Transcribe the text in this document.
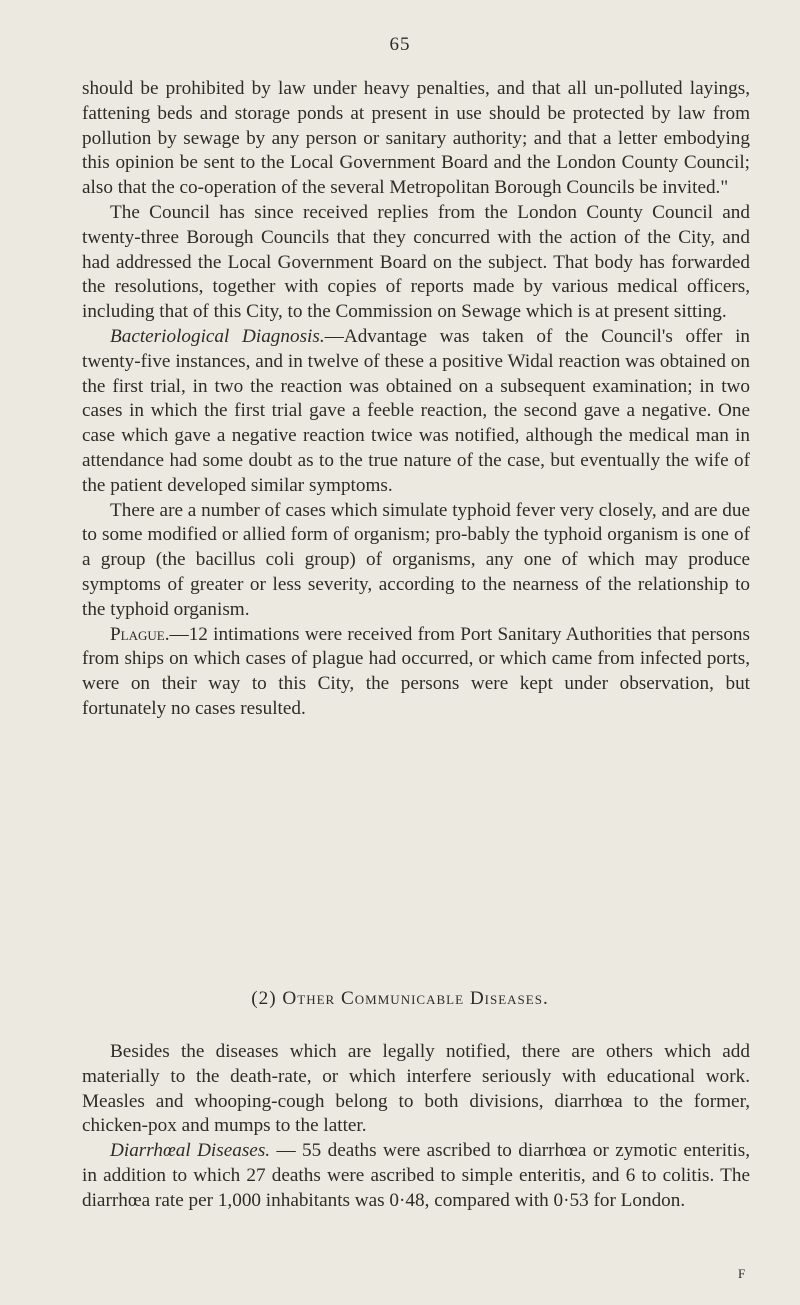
65

should be prohibited by law under heavy penalties, and that all un-polluted layings, fattening beds and storage ponds at present in use should be protected by law from pollution by sewage by any person or sanitary authority; and that a letter embodying this opinion be sent to the Local Government Board and the London County Council; also that the co-operation of the several Metropolitan Borough Councils be invited."

The Council has since received replies from the London County Council and twenty-three Borough Councils that they concurred with the action of the City, and had addressed the Local Government Board on the subject. That body has forwarded the resolutions, together with copies of reports made by various medical officers, including that of this City, to the Commission on Sewage which is at present sitting.

Bacteriological Diagnosis.—Advantage was taken of the Council's offer in twenty-five instances, and in twelve of these a positive Widal reaction was obtained on the first trial, in two the reaction was obtained on a subsequent examination; in two cases in which the first trial gave a feeble reaction, the second gave a negative. One case which gave a negative reaction twice was notified, although the medical man in attendance had some doubt as to the true nature of the case, but eventually the wife of the patient developed similar symptoms.

There are a number of cases which simulate typhoid fever very closely, and are due to some modified or allied form of organism; pro-bably the typhoid organism is one of a group (the bacillus coli group) of organisms, any one of which may produce symptoms of greater or less severity, according to the nearness of the relationship to the typhoid organism.

Plague.—12 intimations were received from Port Sanitary Authorities that persons from ships on which cases of plague had occurred, or which came from infected ports, were on their way to this City, the persons were kept under observation, but fortunately no cases resulted.

(2) Other Communicable Diseases.

Besides the diseases which are legally notified, there are others which add materially to the death-rate, or which interfere seriously with educational work. Measles and whooping-cough belong to both divisions, diarrhœa to the former, chicken-pox and mumps to the latter.

Diarrhœal Diseases. — 55 deaths were ascribed to diarrhœa or zymotic enteritis, in addition to which 27 deaths were ascribed to simple enteritis, and 6 to colitis. The diarrhœa rate per 1,000 inhabitants was 0·48, compared with 0·53 for London.

F
